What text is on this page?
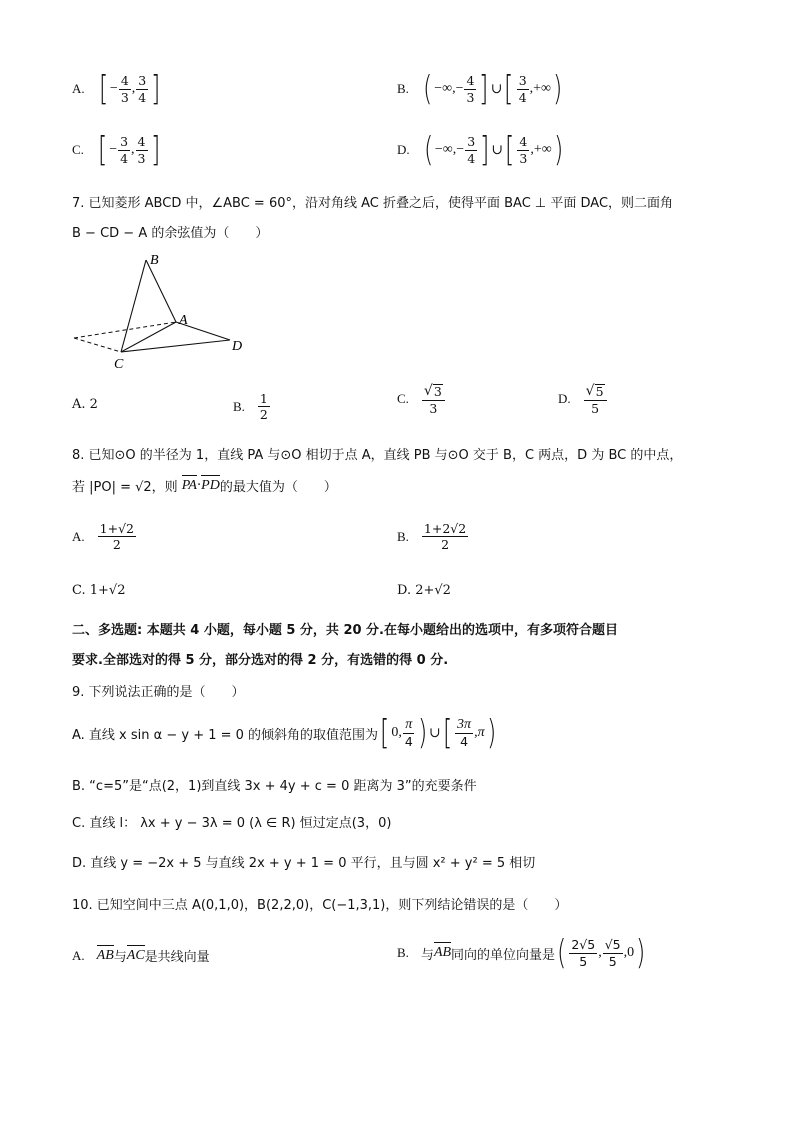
A. [ − $\frac{4}{3}$ , $\frac{3}{4}$ ]	B. ( −∞,− $\frac{4}{3}$ ] ∪ [ $\frac{3}{4}$ ,+∞ )
C. [ − $\frac{3}{4}$ , $\frac{4}{3}$ ]	D. ( −∞,− $\frac{3}{4}$ ] ∪ [ $\frac{4}{3}$ ,+∞ )
7. 已知菱形 ABCD 中，∠ABC = 60°，沿对角线 AC 折叠之后，使得平面 BAC ⊥ 平面 DAC，则二面角
B − CD − A 的余弦值为（　　）
B
A
C
D
A. 2	B. $\frac{1}{2}$	C. $\frac{√ 3}{3}$	D. $\frac{√ 5}{5}$
8. 已知⊙O 的半径为 1，直线 PA 与⊙O 相切于点 A，直线 PB 与⊙O 交于 B，C 两点，D 为 BC 的中点，
若 |PO| = √2，则 PA · PD 的最大值为（　　）
A. $\frac{1+√2}{2}$	B. $\frac{1+2√2}{2}$
C. 1+√2	D. 2+√2
二、多选题: 本题共 4 小题，每小题 5 分，共 20 分.在每小题给出的选项中，有多项符合题目
要求.全部选对的得 5 分，部分选对的得 2 分，有选错的得 0 分.
9. 下列说法正确的是（　　）
A. 直线 x sin α − y + 1 = 0 的倾斜角的取值范围为 [ 0, $\frac{\pi}{4}$ ) ∪ [ $\frac{3\pi}{4} ,\pi$ )
B. “c=5”是“点(2，1)到直线 3x + 4y + c = 0 距离为 3”的充要条件
C. 直线 l： λx + y − 3λ = 0 (λ ∈ R) 恒过定点(3，0)
D. 直线 y = −2x + 5 与直线 2x + y + 1 = 0 平行，且与圆 x² + y² = 5 相切
10. 已知空间中三点 A(0,1,0)，B(2,2,0)，C(−1,3,1)，则下列结论错误的是（　　）
A. AB 与 AC 是共线向量	B. 与 AB 同向的单位向量是 ( $\frac{2√5}{5}$ , $\frac{√5}{5} ,0$ )
